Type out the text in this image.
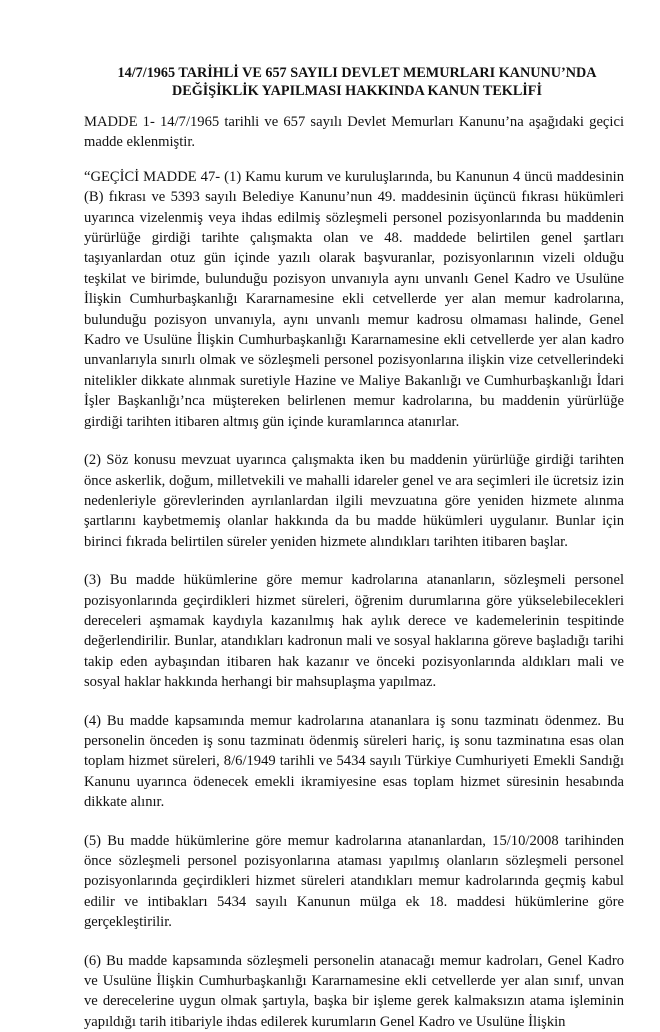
14/7/1965 TARİHLİ VE 657 SAYILI DEVLET MEMURLARI KANUNU’NDA
DEĞİŞİKLİK YAPILMASI HAKKINDA KANUN TEKLİFİ

MADDE 1- 14/7/1965 tarihli ve 657 sayılı Devlet Memurları Kanunu’na aşağıdaki geçici madde eklenmiştir.

“GEÇİCİ MADDE 47- (1) Kamu kurum ve kuruluşlarında, bu Kanunun 4 üncü maddesinin (B) fıkrası ve 5393 sayılı Belediye Kanunu’nun 49. maddesinin üçüncü fıkrası hükümleri uyarınca vizelenmiş veya ihdas edilmiş sözleşmeli personel pozisyonlarında bu maddenin yürürlüğe girdiği tarihte çalışmakta olan ve 48. maddede belirtilen genel şartları taşıyanlardan otuz gün içinde yazılı olarak başvuranlar, pozisyonlarının vizeli olduğu teşkilat ve birimde, bulunduğu pozisyon unvanıyla aynı unvanlı Genel Kadro ve Usulüne İlişkin Cumhurbaşkanlığı Kararnamesine ekli cetvellerde yer alan memur kadrolarına, bulunduğu pozisyon unvanıyla, aynı unvanlı memur kadrosu olmaması halinde, Genel Kadro ve Usulüne İlişkin Cumhurbaşkanlığı Kararnamesine ekli cetvellerde yer alan kadro unvanlarıyla sınırlı olmak ve sözleşmeli personel pozisyonlarına ilişkin vize cetvellerindeki nitelikler dikkate alınmak suretiyle Hazine ve Maliye Bakanlığı ve Cumhurbaşkanlığı İdari İşler Başkanlığı’nca müştereken belirlenen memur kadrolarına, bu maddenin yürürlüğe girdiği tarihten itibaren altmış gün içinde kuramlarınca atanırlar.

(2) Söz konusu mevzuat uyarınca çalışmakta iken bu maddenin yürürlüğe girdiği tarihten önce askerlik, doğum, milletvekili ve mahalli idareler genel ve ara seçimleri ile ücretsiz izin nedenleriyle görevlerinden ayrılanlardan ilgili mevzuatına göre yeniden hizmete alınma şartlarını kaybetmemiş olanlar hakkında da bu madde hükümleri uygulanır. Bunlar için birinci fıkrada belirtilen süreler yeniden hizmete alındıkları tarihten itibaren başlar.

(3) Bu madde hükümlerine göre memur kadrolarına atananların, sözleşmeli personel pozisyonlarında geçirdikleri hizmet süreleri, öğrenim durumlarına göre yükselebilecekleri dereceleri aşmamak kaydıyla kazanılmış hak aylık derece ve kademelerinin tespitinde değerlendirilir. Bunlar, atandıkları kadronun mali ve sosyal haklarına göreve başladığı tarihi takip eden aybaşından itibaren hak kazanır ve önceki pozisyonlarında aldıkları mali ve sosyal haklar hakkında herhangi bir mahsuplaşma yapılmaz.

(4) Bu madde kapsamında memur kadrolarına atananlara iş sonu tazminatı ödenmez. Bu personelin önceden iş sonu tazminatı ödenmiş süreleri hariç, iş sonu tazminatına esas olan toplam hizmet süreleri, 8/6/1949 tarihli ve 5434 sayılı Türkiye Cumhuriyeti Emekli Sandığı Kanunu uyarınca ödenecek emekli ikramiyesine esas toplam hizmet süresinin hesabında dikkate alınır.

(5) Bu madde hükümlerine göre memur kadrolarına atananlardan, 15/10/2008 tarihinden önce sözleşmeli personel pozisyonlarına ataması yapılmış olanların sözleşmeli personel pozisyonlarında geçirdikleri hizmet süreleri atandıkları memur kadrolarında geçmiş kabul edilir ve intibakları 5434 sayılı Kanunun mülga ek 18. maddesi hükümlerine göre gerçekleştirilir.

(6) Bu madde kapsamında sözleşmeli personelin atanacağı memur kadroları, Genel Kadro ve Usulüne İlişkin Cumhurbaşkanlığı Kararnamesine ekli cetvellerde yer alan sınıf, unvan ve derecelerine uygun olmak şartıyla, başka bir işleme gerek kalmaksızın atama işleminin yapıldığı tarih itibariyle ihdas edilerek kurumların Genel Kadro ve Usulüne İlişkin
